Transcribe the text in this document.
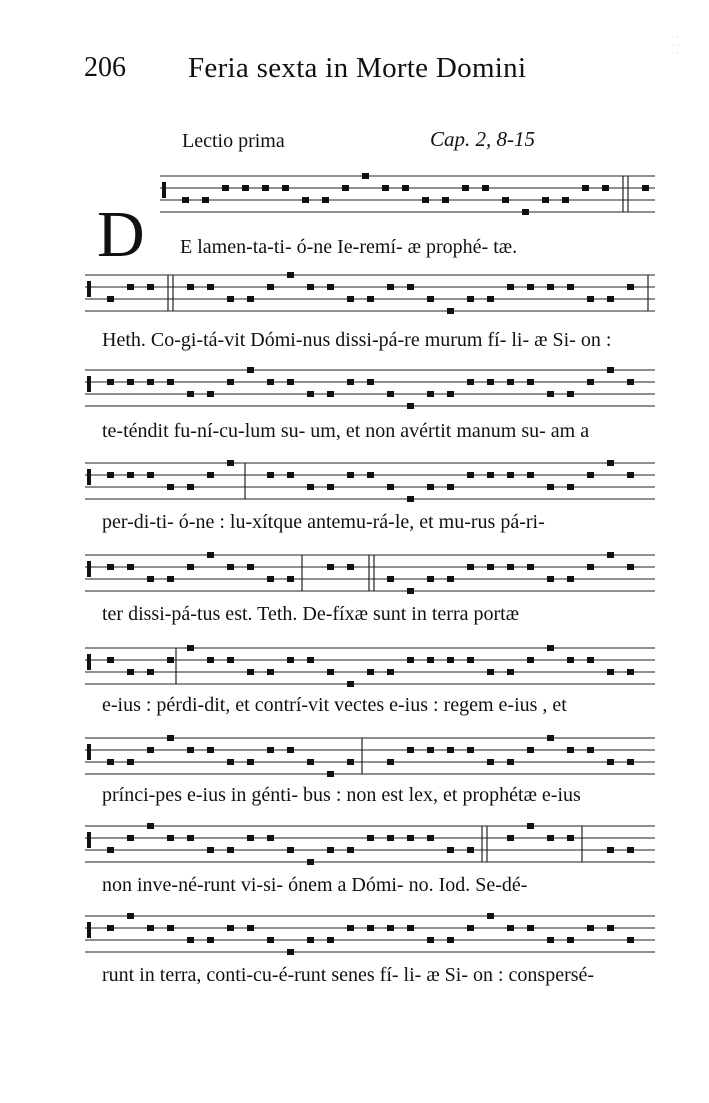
206 Feria sexta in Morte Domini
· ·
·· ·
· ·
Lectio prima	Cap. 2, 8-15
D E lamen-ta-ti- ó-ne Ie-remí- æ prophé- tæ.
Heth. Co-gi-tá-vit Dómi-nus dissi-pá-re murum fí- li- æ Si- on :
te-téndit fu-ní-cu-lum su- um, et non avértit manum su- am a
per-di-ti- ó-ne : lu-xítque antemu-rá-le, et mu-rus pá-ri-
ter dissi-pá-tus est. Teth. De-fíxæ sunt in terra portæ
e-ius : pérdi-dit, et contrí-vit vectes e-ius : regem e-ius , et
prínci-pes e-ius in génti- bus : non est lex, et prophétæ e-ius
non inve-né-runt vi-si- ónem a Dómi- no. Iod. Se-dé-
runt in terra, conti-cu-é-runt senes fí- li- æ Si- on : conspersé-
